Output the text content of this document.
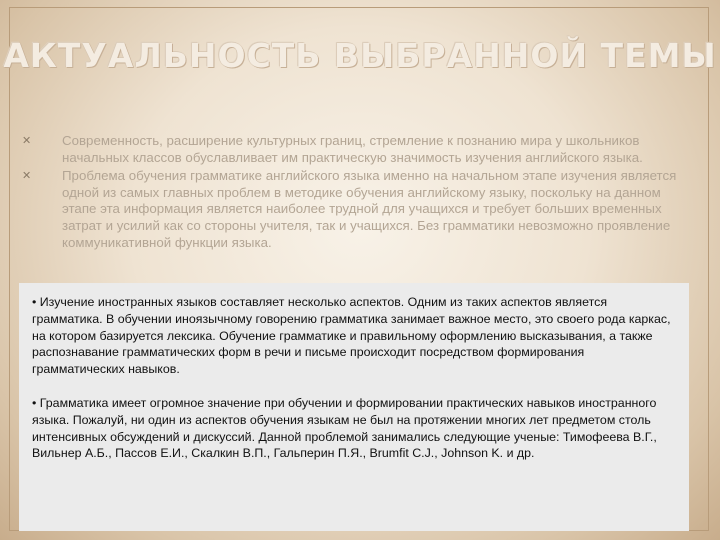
АКТУАЛЬНОСТЬ ВЫБРАННОЙ ТЕМЫ
✕ Современность, расширение культурных границ, стремление к познанию мира у школьников начальных классов обуславливает им практическую значимость изучения английского языка.
✕ Проблема обучения грамматике английского языка именно на начальном этапе изучения является одной из самых главных проблем в методике обучения английскому языку, поскольку на данном этапе эта информация является наиболее трудной для учащихся и требует больших временных затрат и усилий как со стороны учителя, так и учащихся. Без грамматики невозможно проявление коммуникативной функции языка.

• Изучение иностранных языков составляет несколько аспектов. Одним из таких аспектов является грамматика. В обучении иноязычному говорению грамматика занимает важное место, это своего рода каркас, на котором базируется лексика. Обучение грамматике и правильному оформлению высказывания, а также распознавание грамматических форм в речи и письме происходит посредством формирования грамматических навыков.

• Грамматика имеет огромное значение при обучении и формировании практических навыков иностранного языка. Пожалуй, ни один из аспектов обучения языкам не был на протяжении многих лет предметом столь интенсивных обсуждений и дискуссий. Данной проблемой занимались следующие ученые: Тимофеева В.Г., Вильнер А.Б., Пассов Е.И., Скалкин В.П., Гальперин П.Я., Brumfit C.J., Johnson K. и др.
